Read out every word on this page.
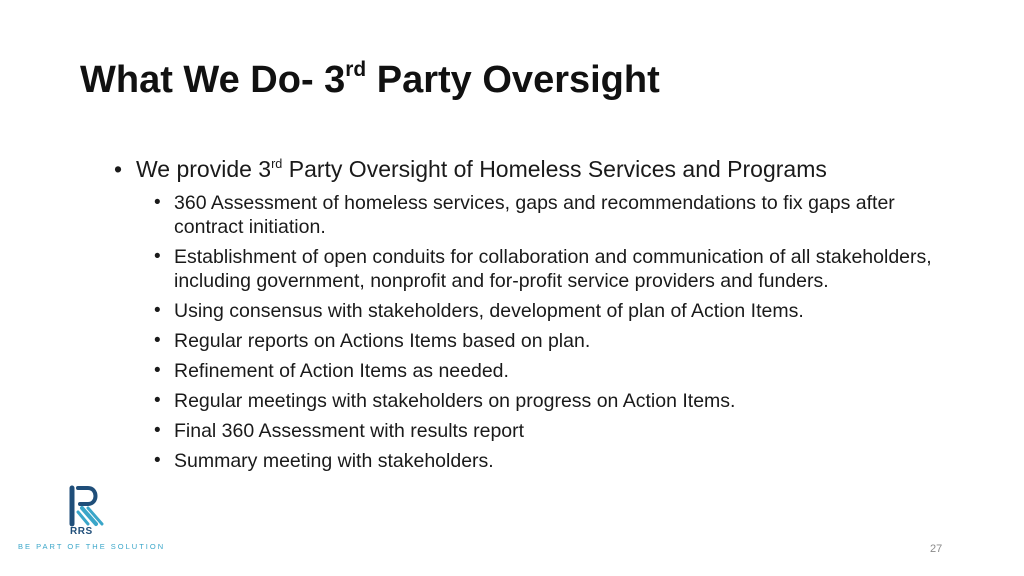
What We Do- 3rd Party Oversight
• We provide 3rd Party Oversight of Homeless Services and Programs
• 360 Assessment of homeless services, gaps and recommendations to fix gaps after contract initiation.
• Establishment of open conduits for collaboration and communication of all stakeholders, including government, nonprofit and for-profit service providers and funders.
• Using consensus with stakeholders, development of plan of Action Items.
• Regular reports on Actions Items based on plan.
• Refinement of Action Items as needed.
• Regular meetings with stakeholders on progress on Action Items.
• Final 360 Assessment with results report
• Summary meeting with stakeholders.
RRS
BE PART OF THE SOLUTION	27
